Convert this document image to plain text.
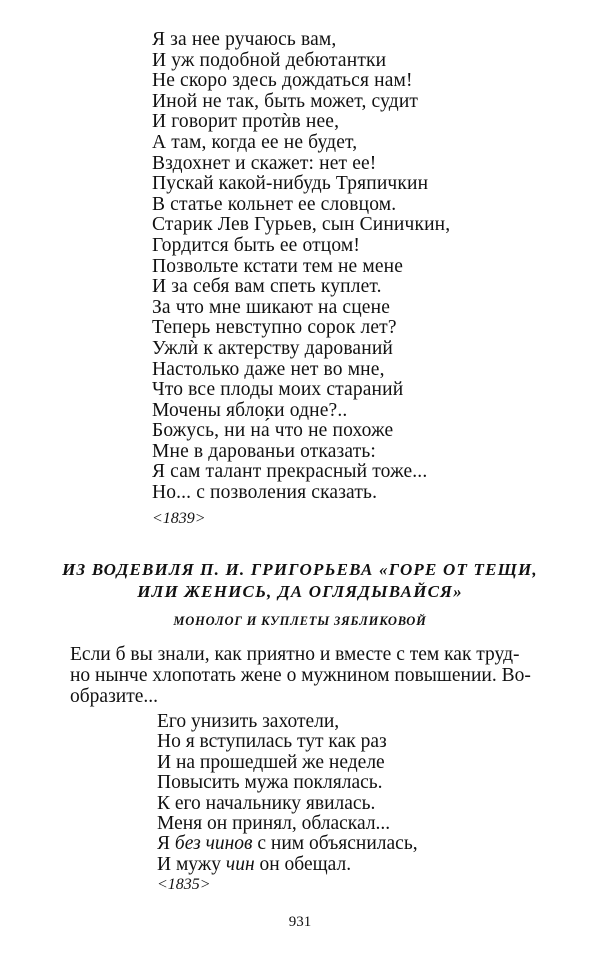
Я за нее ручаюсь вам,
И уж подобной дебютантки
Не скоро здесь дождаться нам!
Иной не так, быть может, судит
И говорит протѝв нее,
А там, когда ее не будет,
Вздохнет и скажет: нет ее!
Пускай какой-нибудь Тряпичкин
В статье кольнет ее словцом.
Старик Лев Гурьев, сын Синичкин,
Гордится быть ее отцом!
Позвольте кстати тем не мене
И за себя вам спеть куплет.
За что мне шикают на сцене
Теперь невступно сорок лет?
Ужлѝ к актерству дарований
Настолько даже нет во мне,
Что все плоды моих стараний
Мочены яблоки одне?..
Божусь, ни на́ что не похоже
Мне в дарованьи отказать:
Я сам талант прекрасный тоже...
Но... с позволения сказать.
<1839>
ИЗ ВОДЕВИЛЯ П. И. ГРИГОРЬЕВА «ГОРЕ ОТ ТЕЩИ,
ИЛИ ЖЕНИСЬ, ДА ОГЛЯДЫВАЙСЯ»
МОНОЛОГ И КУПЛЕТЫ ЗЯБЛИКОВОЙ
Если б вы знали, как приятно и вместе с тем как труд-
но нынче хлопотать жене о мужнином повышении. Во-
образите...
Его унизить захотели,
Но я вступилась тут как раз
И на прошедшей же неделе
Повысить мужа поклялась.
К его начальнику явилась.
Меня он принял, обласкал...
Я без чинов с ним объяснилась,
И мужу чин он обещал.
<1835>
931
